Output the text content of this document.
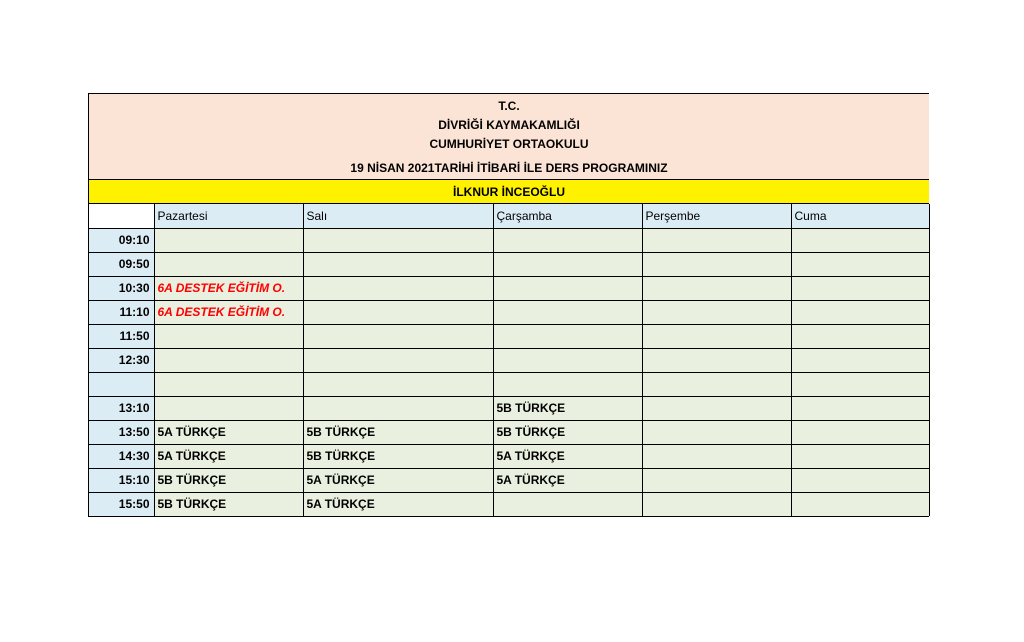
T.C.
DİVRİĞİ KAYMAKAMLIĞI
CUMHURİYET ORTAOKULU
19 NİSAN 2021TARİHİ İTİBARİ İLE DERS PROGRAMINIZ
İLKNUR İNCEOĞLU
	Pazartesi	Salı	Çarşamba	Perşembe	Cuma
09:10					
09:50					
10:30	6A DESTEK EĞİTİM O.				
11:10	6A DESTEK EĞİTİM O.				
11:50					
12:30					

13:10			5B TÜRKÇE		
13:50	5A TÜRKÇE	5B TÜRKÇE	5B TÜRKÇE		
14:30	5A TÜRKÇE	5B TÜRKÇE	5A TÜRKÇE		
15:10	5B TÜRKÇE	5A TÜRKÇE	5A TÜRKÇE		
15:50	5B TÜRKÇE	5A TÜRKÇE			
